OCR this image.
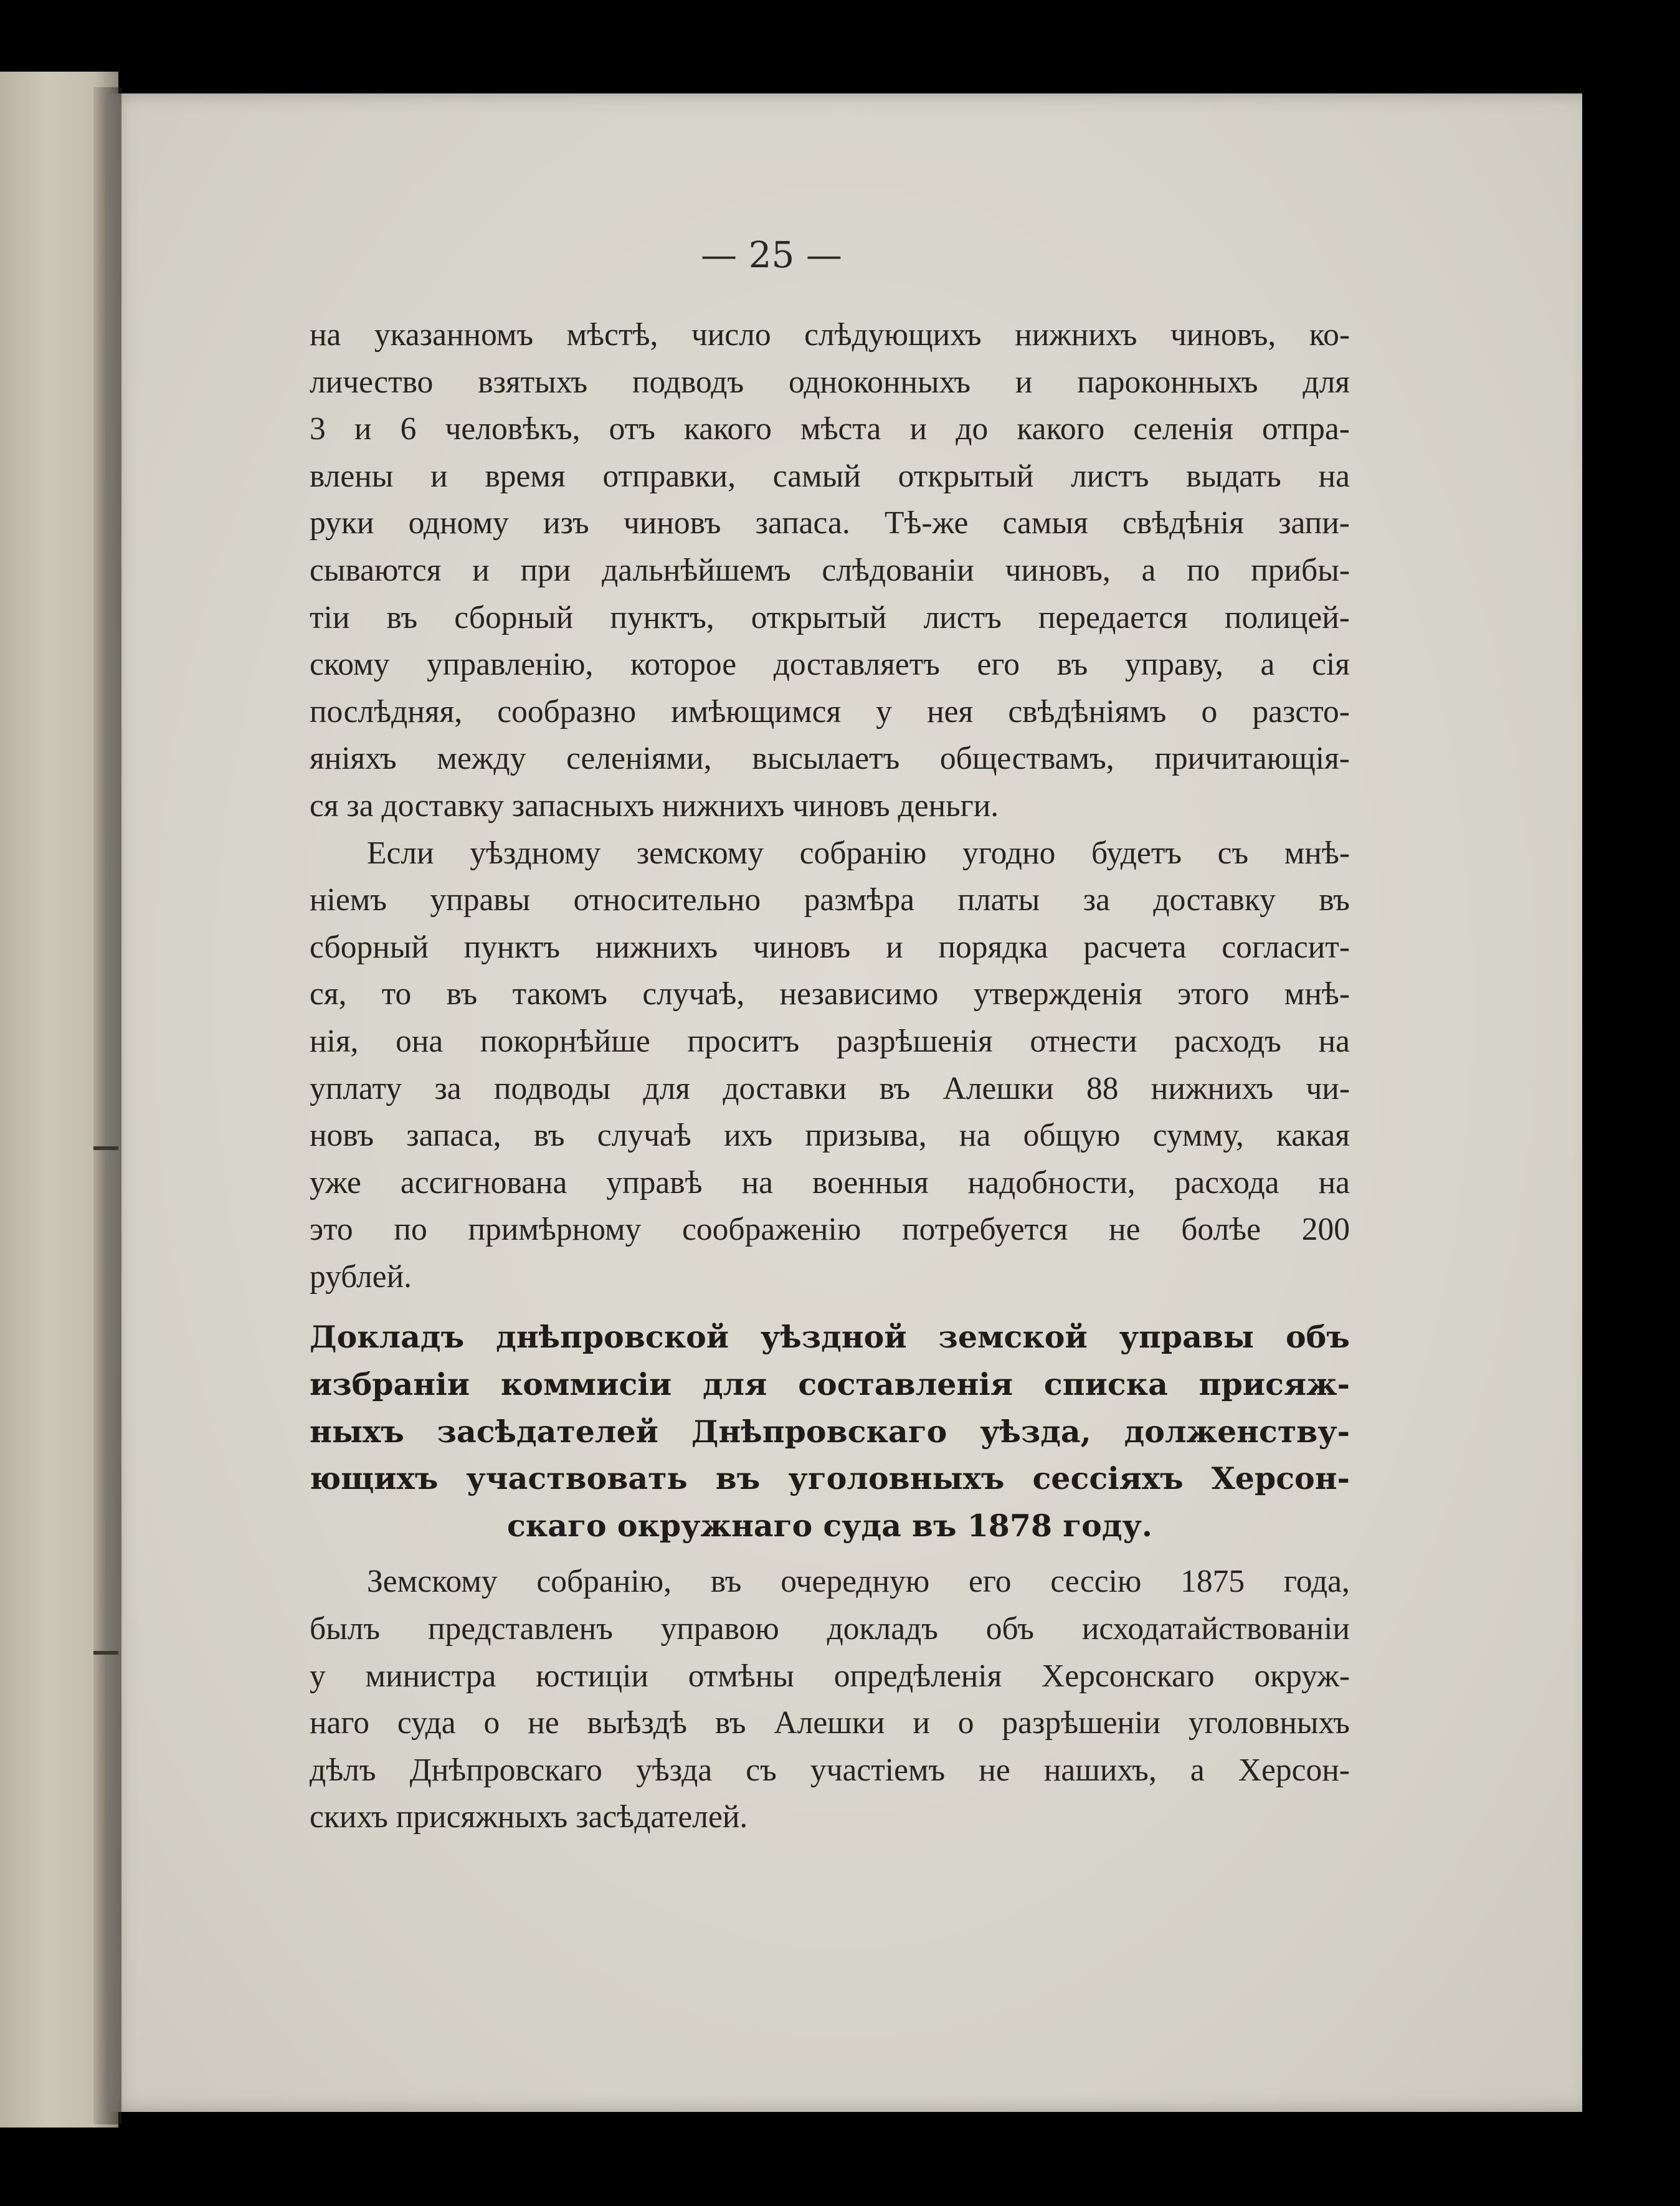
— 25 —
на указанномъ мѣстѣ, число слѣдующихъ нижнихъ чиновъ, ко-
личество взятыхъ подводъ одноконныхъ и пароконныхъ для
3 и 6 человѣкъ, отъ какого мѣста и до какого селенія отпра-
влены и время отправки, самый открытый листъ выдать на
руки одному изъ чиновъ запаса. Тѣ-же самыя свѣдѣнія запи-
сываются и при дальнѣйшемъ слѣдованіи чиновъ, а по прибы-
тіи въ сборный пунктъ, открытый листъ передается полицей-
скому управленію, которое доставляетъ его въ управу, а сія
послѣдняя, сообразно имѣющимся у нея свѣдѣніямъ о разсто-
яніяхъ между селеніями, высылаетъ обществамъ, причитающія-
ся за доставку запасныхъ нижнихъ чиновъ деньги.
Если уѣздному земскому собранію угодно будетъ съ мнѣ-
ніемъ управы относительно размѣра платы за доставку въ
сборный пунктъ нижнихъ чиновъ и порядка расчета согласит-
ся, то въ такомъ случаѣ, независимо утвержденія этого мнѣ-
нія, она покорнѣйше проситъ разрѣшенія отнести расходъ на
уплату за подводы для доставки въ Алешки 88 нижнихъ чи-
новъ запаса, въ случаѣ ихъ призыва, на общую сумму, какая
уже ассигнована управѣ на военныя надобности, расхода на
это по примѣрному соображенію потребуется не болѣе 200
рублей.
Докладъ днѣпровской уѣздной земской управы объ
избраніи коммисіи для составленія списка присяж-
ныхъ засѣдателей Днѣпровскаго уѣзда, долженству-
ющихъ участвовать въ уголовныхъ сессіяхъ Херсон-
скаго окружнаго суда въ 1878 году.
Земскому собранію, въ очередную его сессію 1875 года,
былъ представленъ управою докладъ объ исходатайствованіи
у министра юстиціи отмѣны опредѣленія Херсонскаго окруж-
наго суда о не выѣздѣ въ Алешки и о разрѣшеніи уголовныхъ
дѣлъ Днѣпровскаго уѣзда съ участіемъ не нашихъ, а Херсон-
скихъ присяжныхъ засѣдателей.
